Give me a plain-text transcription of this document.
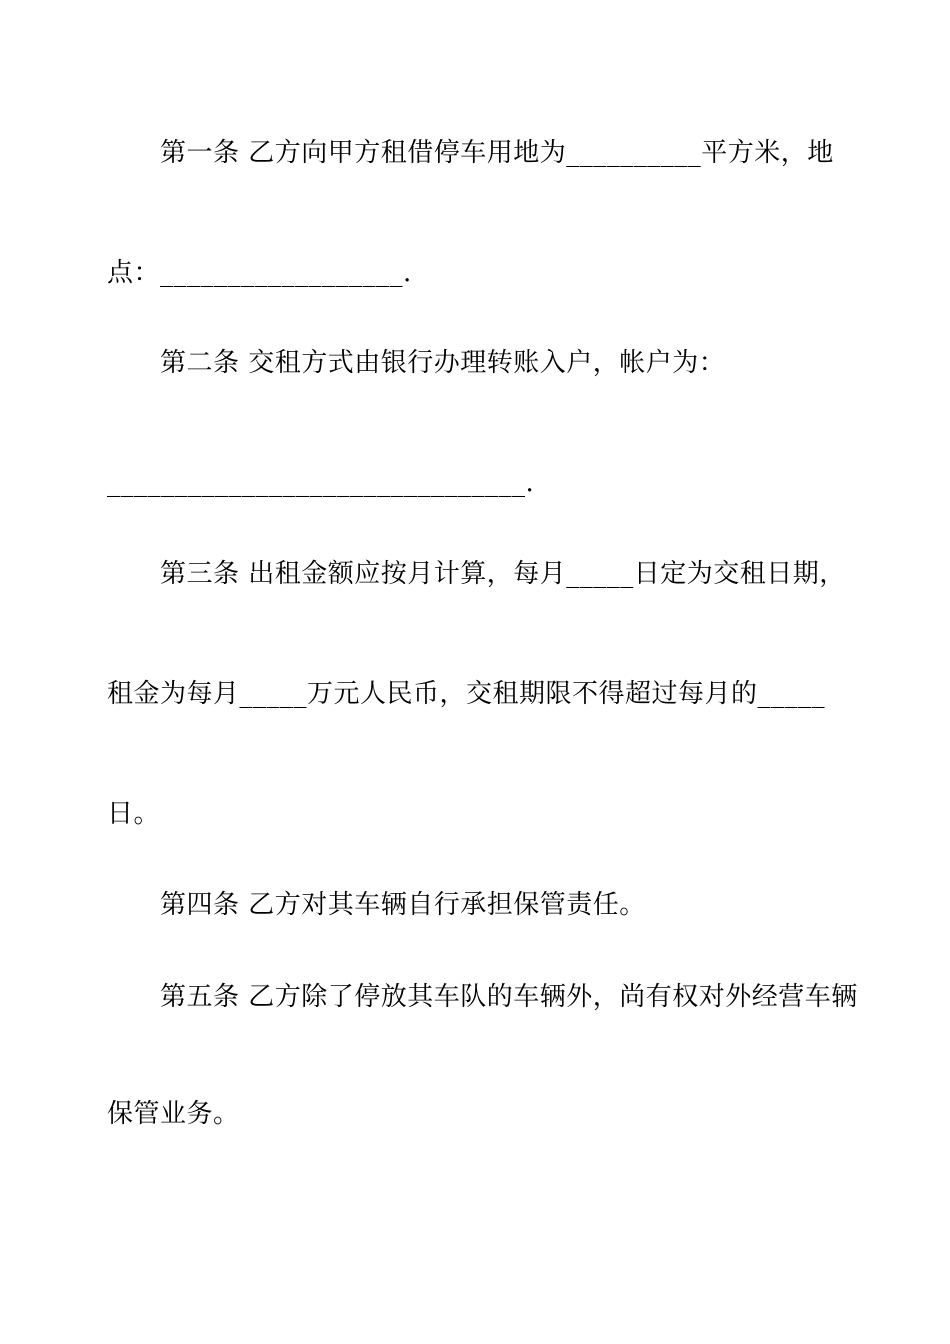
第一条 乙方向甲方租借停车用地为__________平方米，地
点：__________________.
第二条 交租方式由银行办理转账入户，帐户为：
_______________________________.
第三条 出租金额应按月计算，每月_____日定为交租日期，
租金为每月_____万元人民币，交租期限不得超过每月的_____
日。
第四条 乙方对其车辆自行承担保管责任。
第五条 乙方除了停放其车队的车辆外，尚有权对外经营车辆
保管业务。
